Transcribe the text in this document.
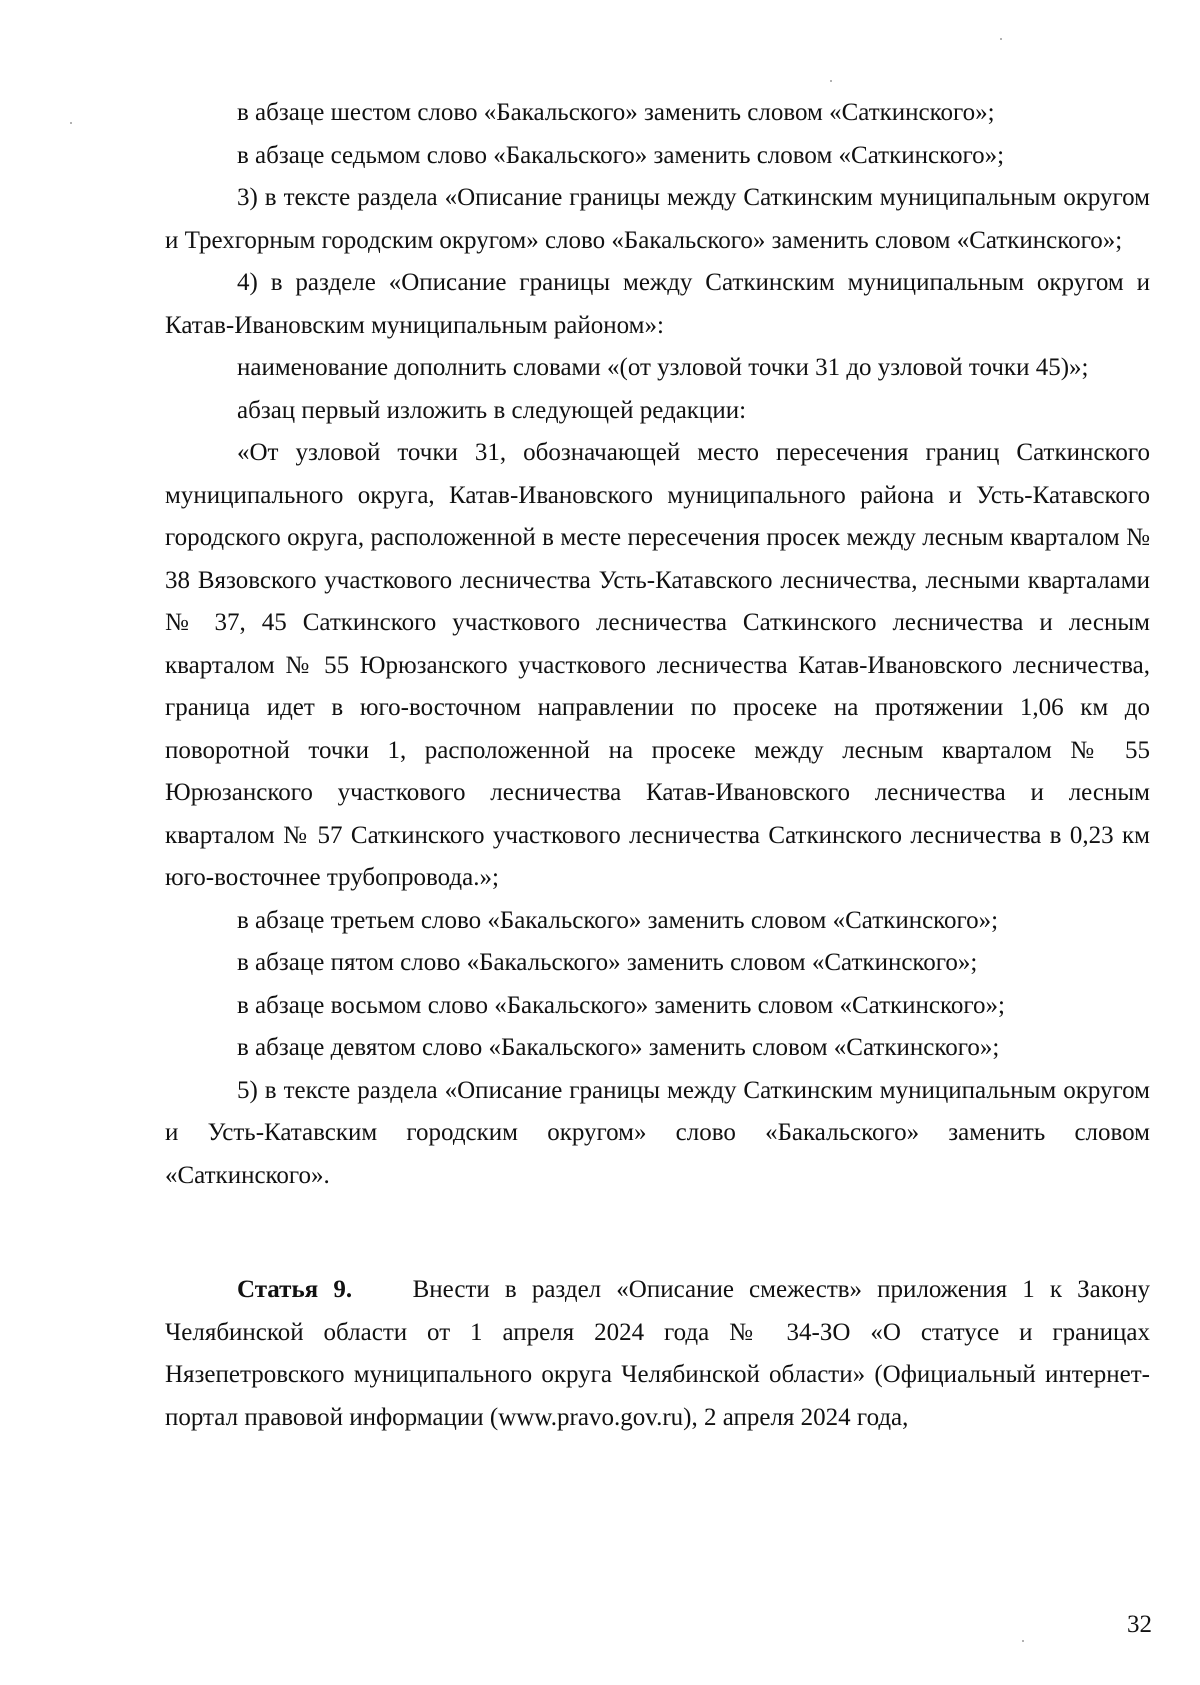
в абзаце шестом слово «Бакальского» заменить словом «Саткинского»;

в абзаце седьмом слово «Бакальского» заменить словом «Саткинского»;

3) в тексте раздела «Описание границы между Саткинским муниципальным округом и Трехгорным городским округом» слово «Бакальского» заменить словом «Саткинского»;

4) в разделе «Описание границы между Саткинским муниципальным округом и Катав-Ивановским муниципальным районом»:

наименование дополнить словами «(от узловой точки 31 до узловой точки 45)»;

абзац первый изложить в следующей редакции:

«От узловой точки 31, обозначающей место пересечения границ Саткинского муниципального округа, Катав-Ивановского муниципального района и Усть-Катавского городского округа, расположенной в месте пересечения просек между лесным кварталом № 38 Вязовского участкового лесничества Усть-Катавского лесничества, лесными кварталами № 37, 45 Саткинского участкового лесничества Саткинского лесничества и лесным кварталом № 55 Юрюзанского участкового лесничества Катав-Ивановского лесничества, граница идет в юго-восточном направлении по просеке на протяжении 1,06 км до поворотной точки 1, расположенной на просеке между лесным кварталом № 55 Юрюзанского участкового лесничества Катав-Ивановского лесничества и лесным кварталом № 57 Саткинского участкового лесничества Саткинского лесничества в 0,23 км юго-восточнее трубопровода.»;

в абзаце третьем слово «Бакальского» заменить словом «Саткинского»;

в абзаце пятом слово «Бакальского» заменить словом «Саткинского»;

в абзаце восьмом слово «Бакальского» заменить словом «Саткинского»;

в абзаце девятом слово «Бакальского» заменить словом «Саткинского»;

5) в тексте раздела «Описание границы между Саткинским муниципальным округом и Усть-Катавским городским округом» слово «Бакальского» заменить словом «Саткинского».

Статья 9. Внести в раздел «Описание смежеств» приложения 1 к Закону Челябинской области от 1 апреля 2024 года № 34-ЗО «О статусе и границах Нязепетровского муниципального округа Челябинской области» (Официальный интернет-портал правовой информации (www.pravo.gov.ru), 2 апреля 2024 года,

32
